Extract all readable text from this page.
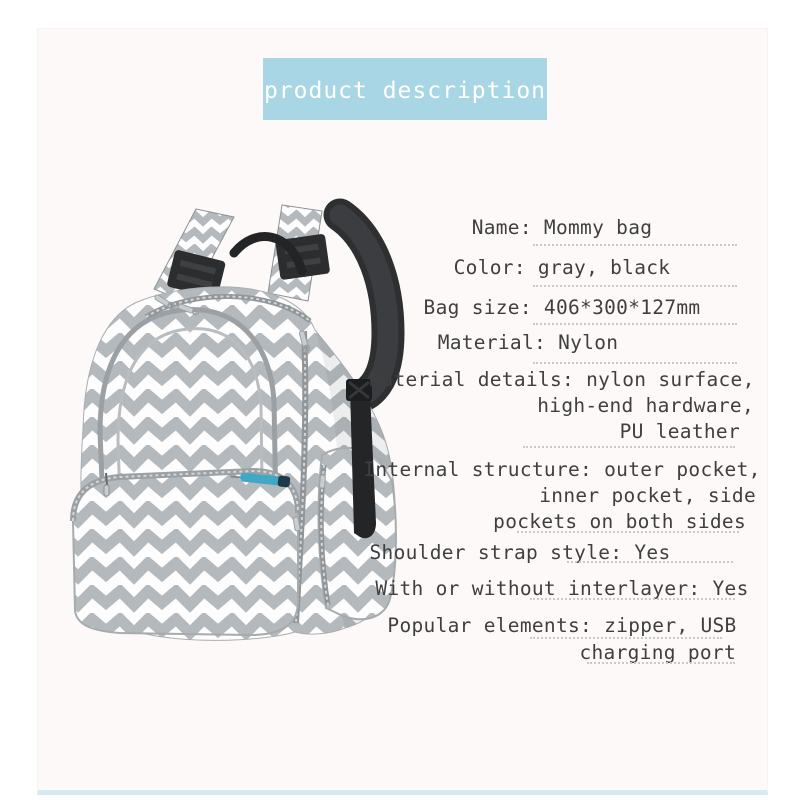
product description
Name: Mommy bag
Color: gray, black
Bag size: 406*300*127mm
Material: Nylon
Material details: nylon surface,
high-end hardware,
PU leather
Internal structure: outer pocket,
inner pocket, side
pockets on both sides
Shoulder strap style: Yes
With or without interlayer: Yes
Popular elements: zipper, USB
charging port
